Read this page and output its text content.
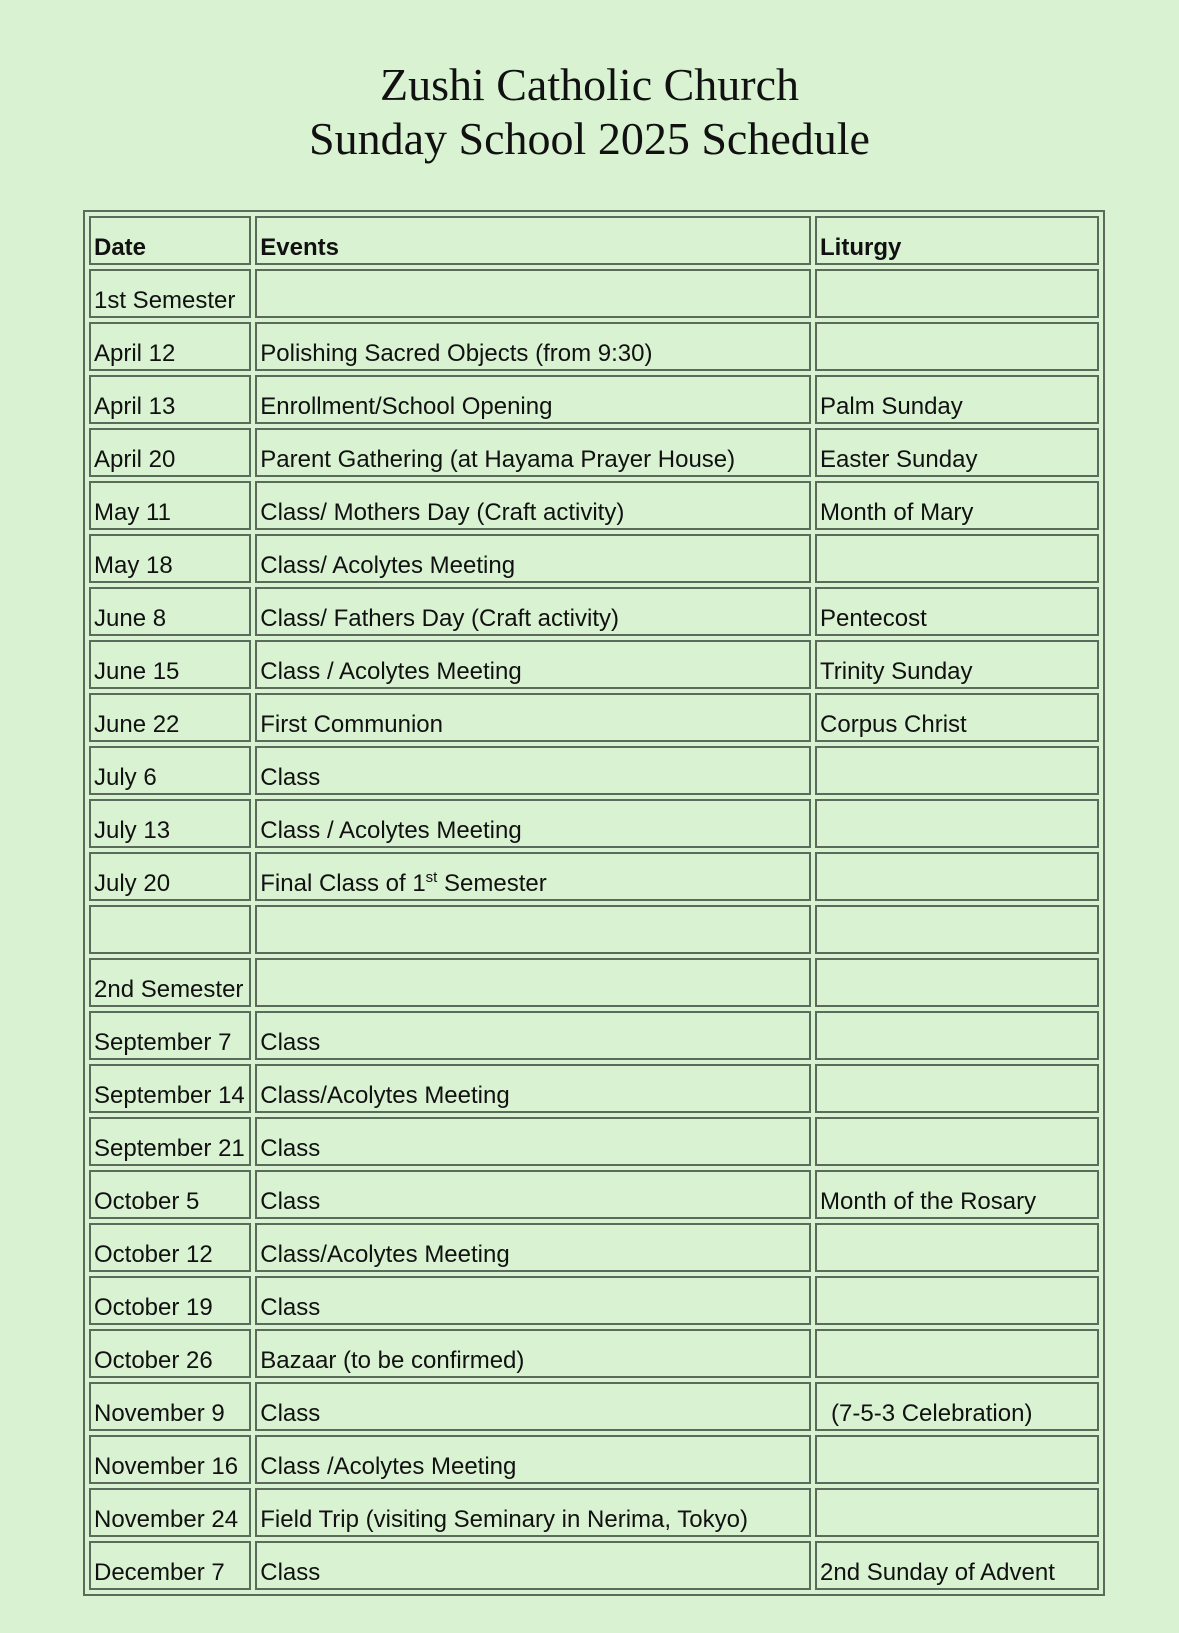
Zushi Catholic Church
Sunday School 2025 Schedule
Date	Events	Liturgy
1st Semester		
April 12	Polishing Sacred Objects (from 9:30)	
April 13	Enrollment/School Opening	Palm Sunday
April 20	Parent Gathering (at Hayama Prayer House)	Easter Sunday
May 11	Class/ Mothers Day (Craft activity)	Month of Mary
May 18	Class/ Acolytes Meeting	
June 8	Class/ Fathers Day (Craft activity)	Pentecost
June 15	Class / Acolytes Meeting	Trinity Sunday
June 22	First Communion	Corpus Christ
July 6	Class	
July 13	Class / Acolytes Meeting	
July 20	Final Class of 1st Semester	

2nd Semester		
September 7	Class	
September 14	Class/Acolytes Meeting	
September 21	Class	
October 5	Class	Month of the Rosary
October 12	Class/Acolytes Meeting	
October 19	Class	
October 26	Bazaar (to be confirmed)	
November 9	Class	(7-5-3 Celebration)
November 16	Class /Acolytes Meeting	
November 24	Field Trip (visiting Seminary in Nerima, Tokyo)	
December 7	Class	2nd Sunday of Advent
